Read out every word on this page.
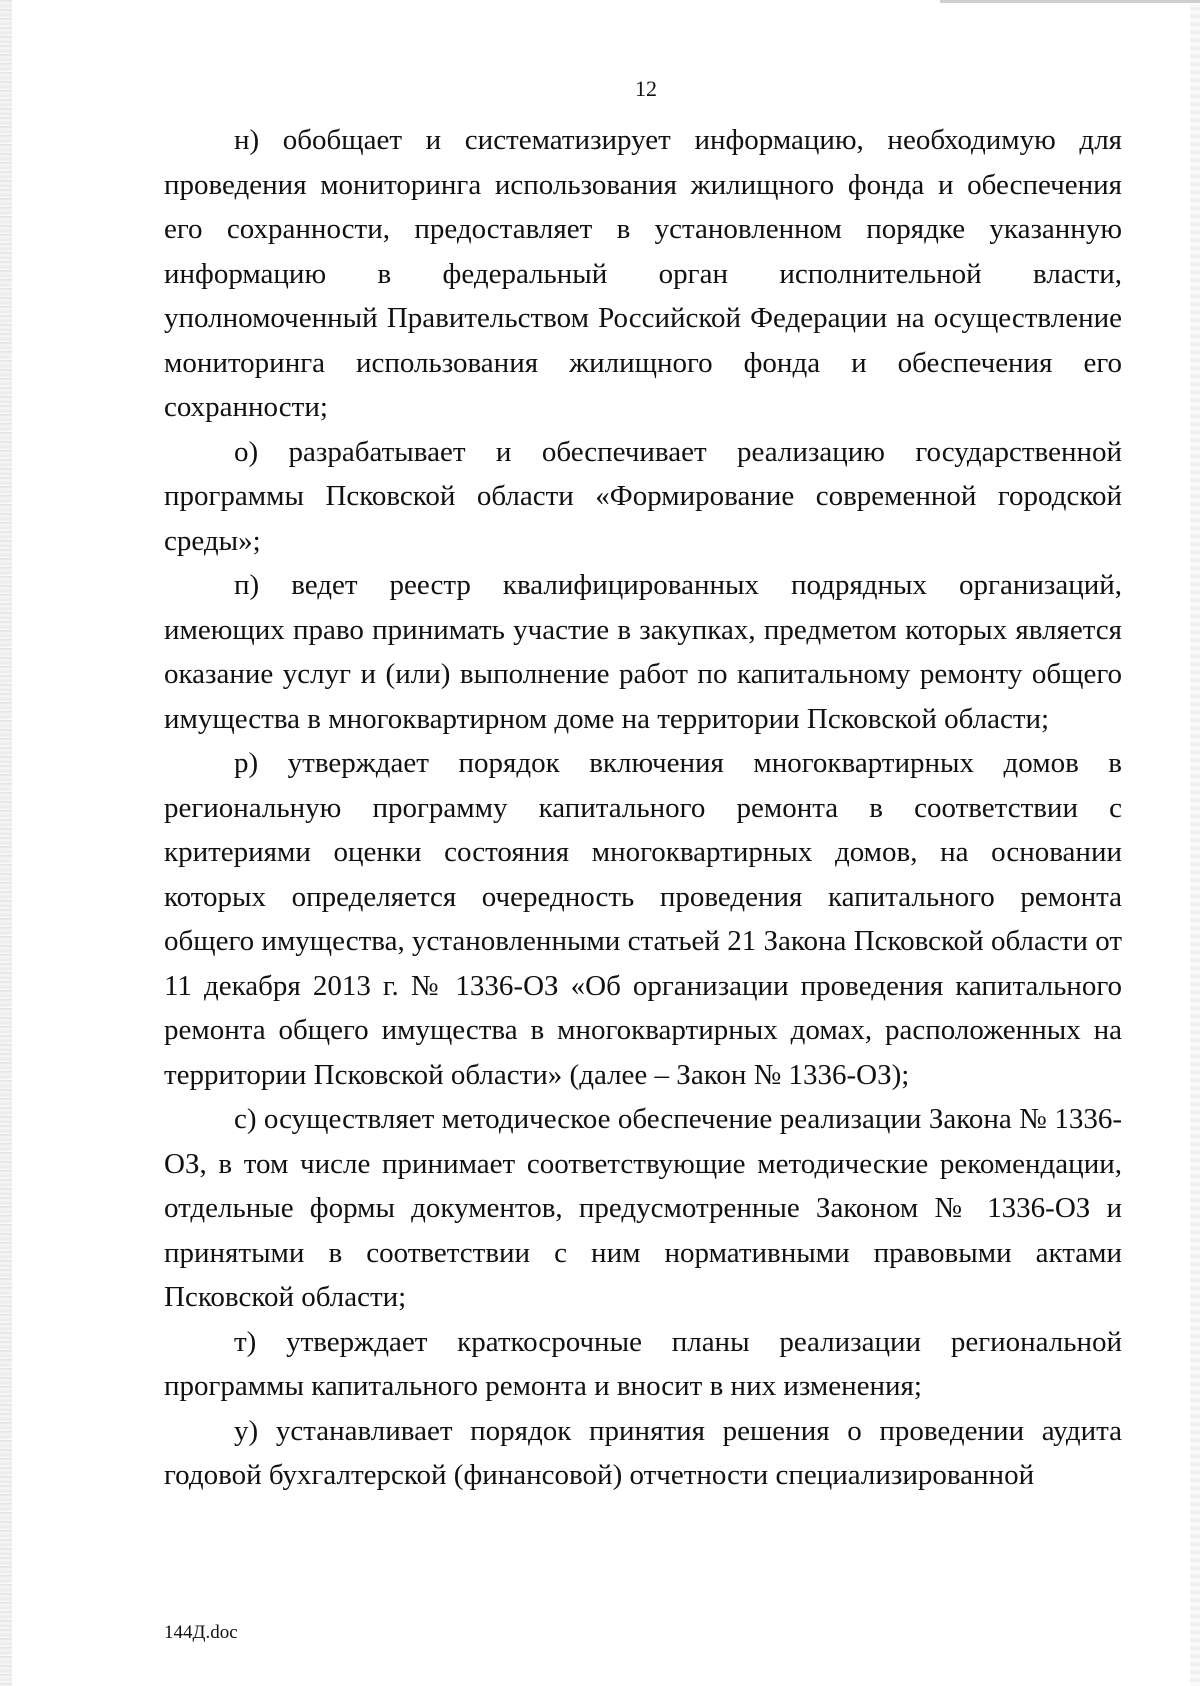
12

н) обобщает и систематизирует информацию, необходимую для проведения мониторинга использования жилищного фонда и обеспечения его сохранности, предоставляет в установленном порядке указанную информацию в федеральный орган исполнительной власти, уполномоченный Правительством Российской Федерации на осуществление мониторинга использования жилищного фонда и обеспечения его сохранности;

о) разрабатывает и обеспечивает реализацию государственной программы Псковской области «Формирование современной городской среды»;

п) ведет реестр квалифицированных подрядных организаций, имеющих право принимать участие в закупках, предметом которых является оказание услуг и (или) выполнение работ по капитальному ремонту общего имущества в многоквартирном доме на территории Псковской области;

р) утверждает порядок включения многоквартирных домов в региональную программу капитального ремонта в соответствии с критериями оценки состояния многоквартирных домов, на основании которых определяется очередность проведения капитального ремонта общего имущества, установленными статьей 21 Закона Псковской области от 11 декабря 2013 г. № 1336-ОЗ «Об организации проведения капитального ремонта общего имущества в многоквартирных домах, расположенных на территории Псковской области» (далее – Закон № 1336-ОЗ);

с) осуществляет методическое обеспечение реализации Закона № 1336-ОЗ, в том числе принимает соответствующие методические рекомендации, отдельные формы документов, предусмотренные Законом № 1336-ОЗ и принятыми в соответствии с ним нормативными правовыми актами Псковской области;

т) утверждает краткосрочные планы реализации региональной программы капитального ремонта и вносит в них изменения;

у) устанавливает порядок принятия решения о проведении аудита годовой бухгалтерской (финансовой) отчетности специализированной

144Д.doc
